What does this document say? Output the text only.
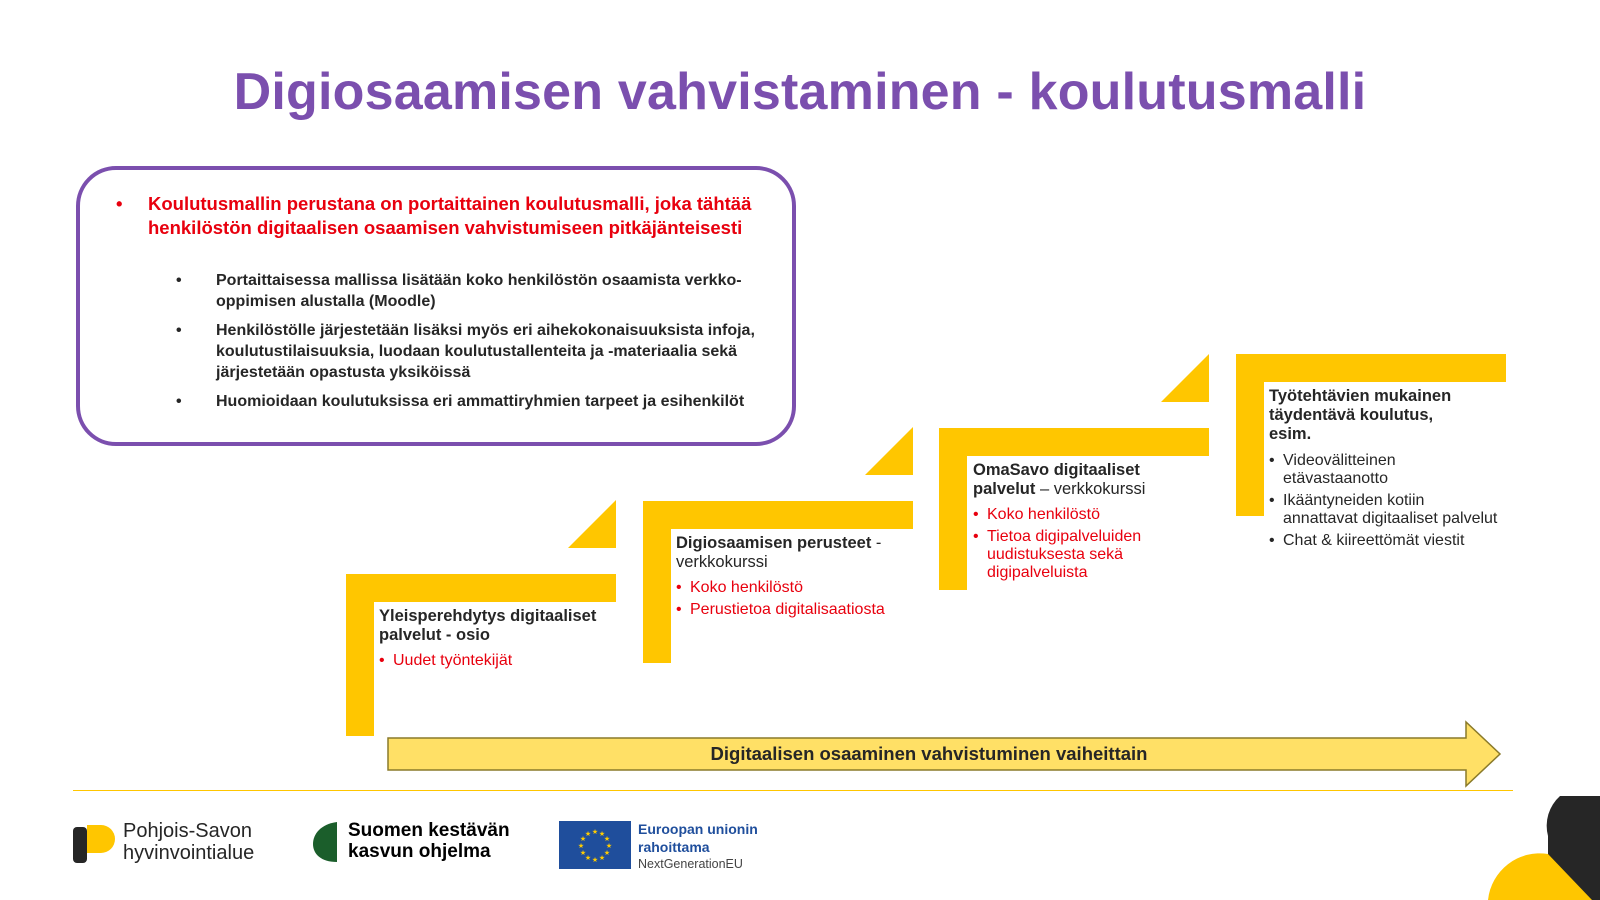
Digiosaamisen vahvistaminen - koulutusmalli
•	Koulutusmallin perustana on portaittainen koulutusmalli, joka tähtää henkilöstön digitaalisen osaamisen vahvistumiseen pitkäjänteisesti
•	Portaittaisessa mallissa lisätään koko henkilöstön osaamista verkko-oppimisen alustalla (Moodle)
•	Henkilöstölle järjestetään lisäksi myös eri aihekokonaisuuksista infoja, koulutustilaisuuksia, luodaan koulutustallenteita ja -materiaalia sekä järjestetään opastusta yksiköissä
•	Huomioidaan koulutuksissa eri ammattiryhmien tarpeet ja esihenkilöt
Yleisperehdytys digitaaliset palvelut - osio
• Uudet työntekijät
Digiosaamisen perusteet - verkkokurssi
• Koko henkilöstö
• Perustietoa digitalisaatiosta
OmaSavo digitaaliset palvelut – verkkokurssi
• Koko henkilöstö
• Tietoa digipalveluiden uudistuksesta sekä digipalveluista
Työtehtävien mukainen täydentävä koulutus, esim.
• Videovälitteinen etävastaanotto
• Ikääntyneiden kotiin annattavat digitaaliset palvelut
• Chat & kiireettömät viestit
Digitaalisen osaaminen vahvistuminen vaiheittain
Pohjois-Savon hyvinvointialue
Suomen kestävän kasvun ohjelma
★ ★
★
★
★
★
★
★
★
★
★
★	Euroopan unionin rahoittama
NextGenerationEU
